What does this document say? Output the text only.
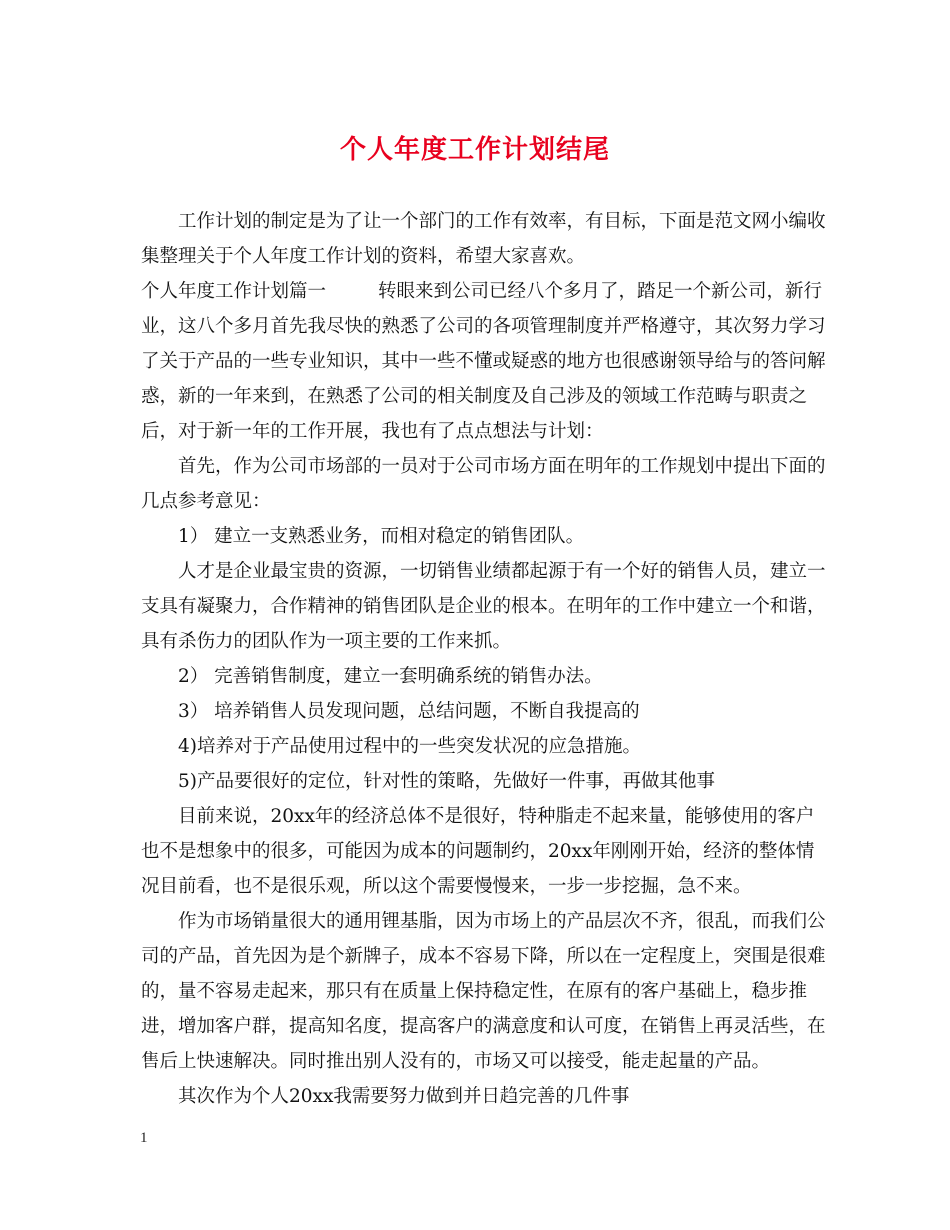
个人年度工作计划结尾

工作计划的制定是为了让一个部门的工作有效率，有目标，下面是范文网小编收集整理关于个人年度工作计划的资料，希望大家喜欢。

个人年度工作计划篇一	转眼来到公司已经八个多月了，踏足一个新公司，新行业，这八个多月首先我尽快的熟悉了公司的各项管理制度并严格遵守，其次努力学习了关于产品的一些专业知识，其中一些不懂或疑惑的地方也很感谢领导给与的答问解惑，新的一年来到，在熟悉了公司的相关制度及自己涉及的领域工作范畴与职责之后，对于新一年的工作开展，我也有了点点想法与计划：

首先，作为公司市场部的一员对于公司市场方面在明年的工作规划中提出下面的几点参考意见：

1） 建立一支熟悉业务，而相对稳定的销售团队。

人才是企业最宝贵的资源，一切销售业绩都起源于有一个好的销售人员，建立一支具有凝聚力，合作精神的销售团队是企业的根本。在明年的工作中建立一个和谐，具有杀伤力的团队作为一项主要的工作来抓。

2） 完善销售制度，建立一套明确系统的销售办法。

3） 培养销售人员发现问题，总结问题，不断自我提高的

4)培养对于产品使用过程中的一些突发状况的应急措施。

5)产品要很好的定位，针对性的策略，先做好一件事，再做其他事

目前来说，20xx年的经济总体不是很好，特种脂走不起来量，能够使用的客户也不是想象中的很多，可能因为成本的问题制约，20xx年刚刚开始，经济的整体情况目前看，也不是很乐观，所以这个需要慢慢来，一步一步挖掘，急不来。

作为市场销量很大的通用锂基脂，因为市场上的产品层次不齐，很乱，而我们公司的产品，首先因为是个新牌子，成本不容易下降，所以在一定程度上，突围是很难的，量不容易走起来，那只有在质量上保持稳定性，在原有的客户基础上，稳步推进，增加客户群，提高知名度，提高客户的满意度和认可度，在销售上再灵活些，在售后上快速解决。同时推出别人没有的，市场又可以接受，能走起量的产品。

其次作为个人20xx我需要努力做到并日趋完善的几件事

1
